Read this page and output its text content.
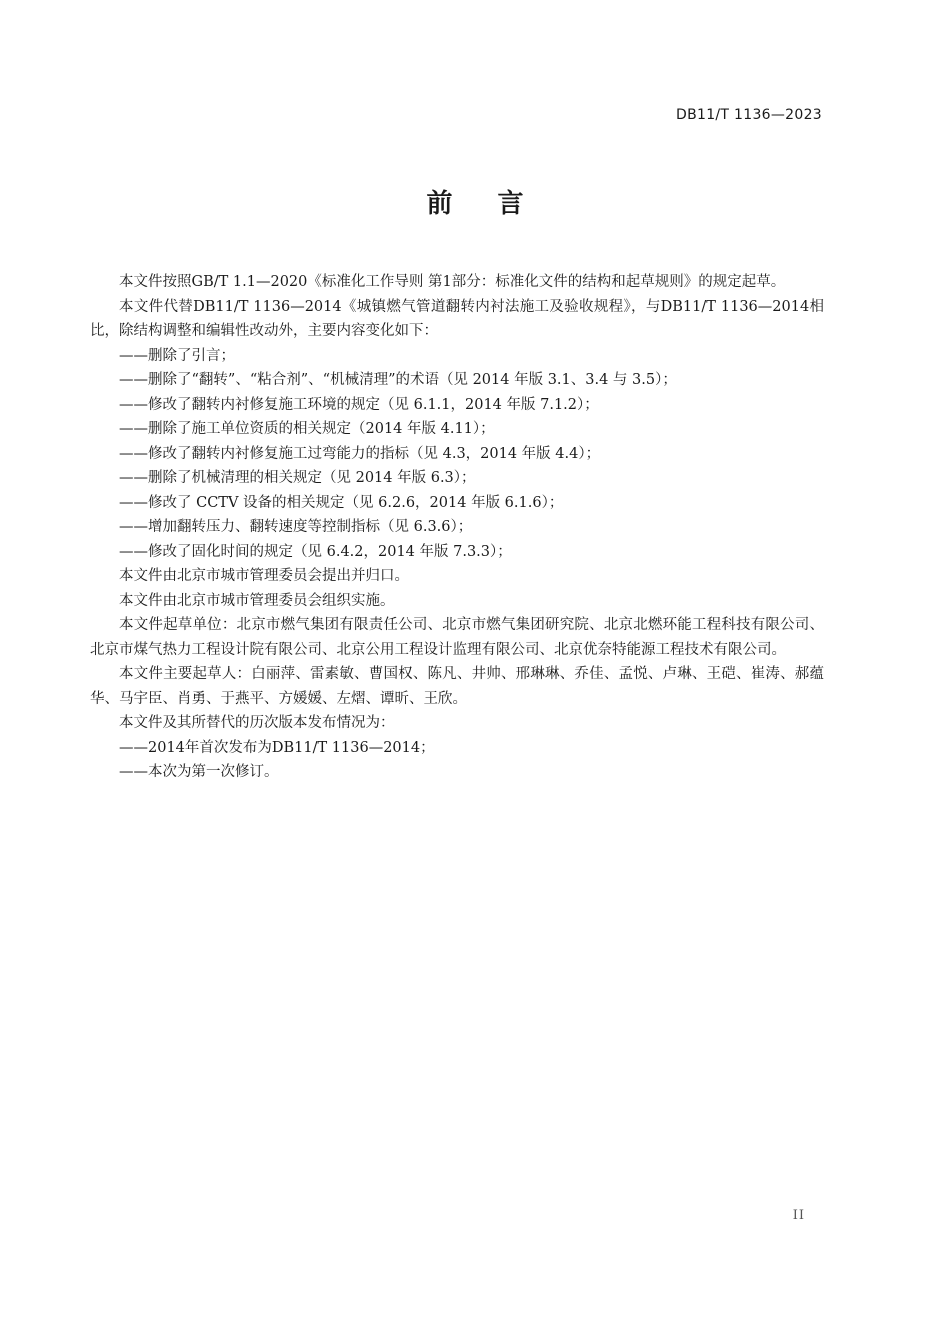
DB11/T 1136—2023
前 言

本文件按照GB/T 1.1—2020《标准化工作导则 第1部分：标准化文件的结构和起草规则》的规定起草。

本文件代替DB11/T 1136—2014《城镇燃气管道翻转内衬法施工及验收规程》，与DB11/T 1136—2014相比，除结构调整和编辑性改动外，主要内容变化如下：

——删除了引言；

——删除了“翻转”、“粘合剂”、“机械清理”的术语（见 2014 年版 3.1、3.4 与 3.5）；

——修改了翻转内衬修复施工环境的规定（见 6.1.1，2014 年版 7.1.2）；

——删除了施工单位资质的相关规定（2014 年版 4.11）；

——修改了翻转内衬修复施工过弯能力的指标（见 4.3，2014 年版 4.4）；

——删除了机械清理的相关规定（见 2014 年版 6.3）；

——修改了 CCTV 设备的相关规定（见 6.2.6，2014 年版 6.1.6）；

——增加翻转压力、翻转速度等控制指标（见 6.3.6）；

——修改了固化时间的规定（见 6.4.2，2014 年版 7.3.3）；

本文件由北京市城市管理委员会提出并归口。

本文件由北京市城市管理委员会组织实施。

本文件起草单位：北京市燃气集团有限责任公司、北京市燃气集团研究院、北京北燃环能工程科技有限公司、北京市煤气热力工程设计院有限公司、北京公用工程设计监理有限公司、北京优奈特能源工程技术有限公司。

本文件主要起草人：白丽萍、雷素敏、曹国权、陈凡、井帅、邢琳琳、乔佳、孟悦、卢琳、王硙、崔涛、郝蕴华、马宇臣、肖勇、于燕平、方媛媛、左熠、谭昕、王欣。

本文件及其所替代的历次版本发布情况为：

——2014年首次发布为DB11/T 1136—2014；

——本次为第一次修订。

II
